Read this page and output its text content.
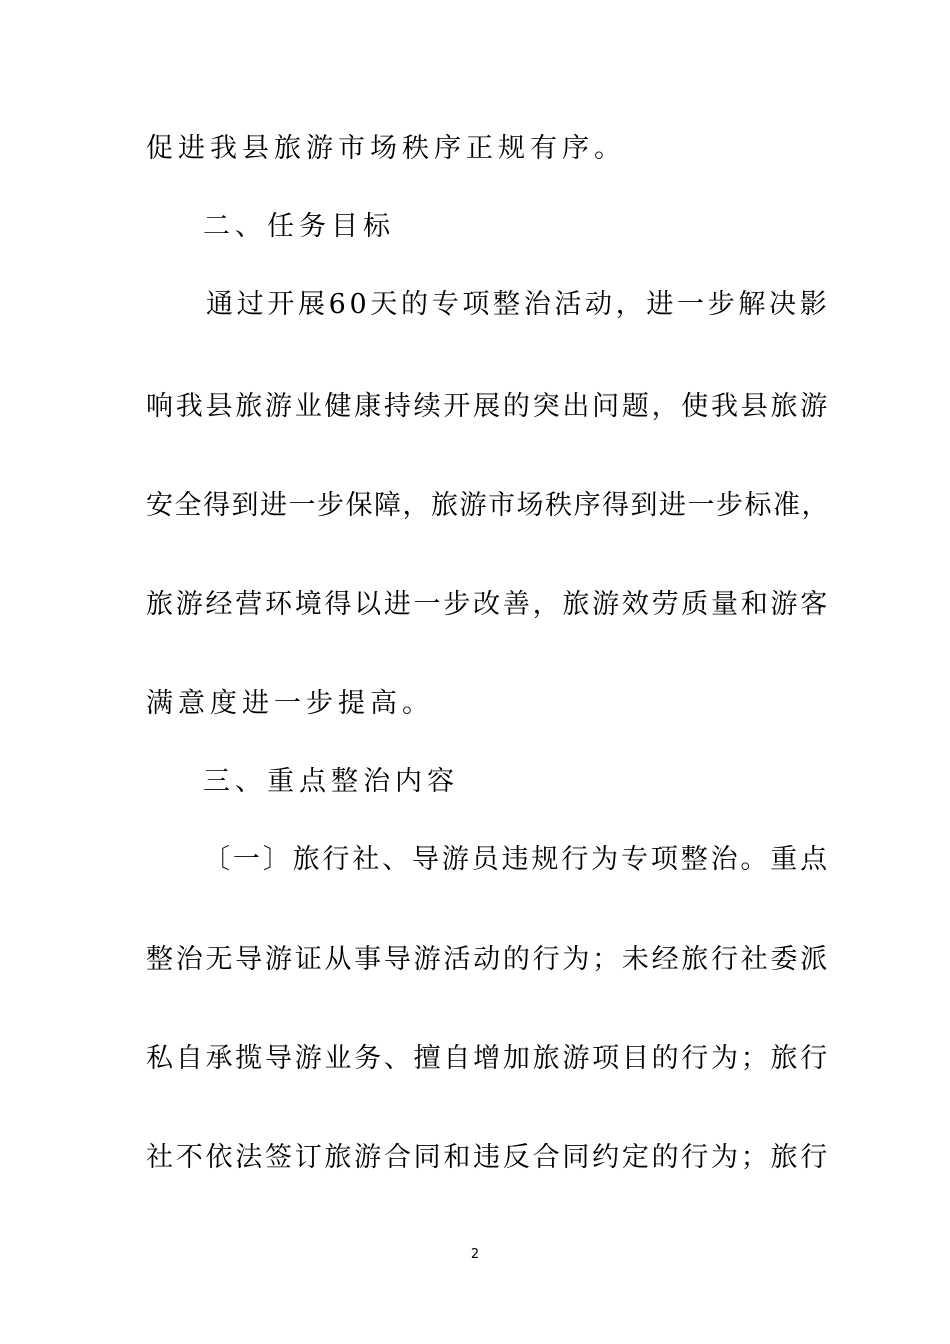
促进我县旅游市场秩序正规有序。
二、任务目标
通过开展60天的专项整治活动，进一步解决影
响我县旅游业健康持续开展的突出问题，使我县旅游
安全得到进一步保障，旅游市场秩序得到进一步标准，
旅游经营环境得以进一步改善，旅游效劳质量和游客
满意度进一步提高。
三、重点整治内容
〔一〕旅行社、导游员违规行为专项整治。重点
整治无导游证从事导游活动的行为；未经旅行社委派
私自承揽导游业务、擅自增加旅游项目的行为；旅行
社不依法签订旅游合同和违反合同约定的行为；旅行
2
